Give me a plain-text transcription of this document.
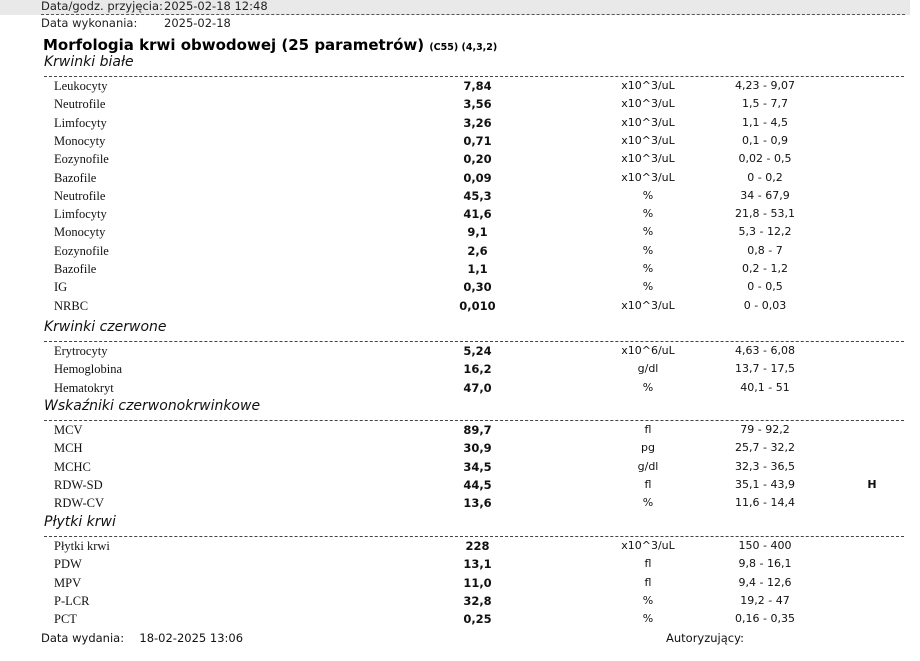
Data/godz. przyjęcia: 2025-02-18 12:48
Data wykonania: 2025-02-18
Morfologia krwi obwodowej (25 parametrów) (C55) (4,3,2)
Krwinki białe
Leukocyty	7,84	x10^3/uL	4,23 - 9,07
Neutrofile	3,56	x10^3/uL	1,5 - 7,7
Limfocyty	3,26	x10^3/uL	1,1 - 4,5
Monocyty	0,71	x10^3/uL	0,1 - 0,9
Eozynofile	0,20	x10^3/uL	0,02 - 0,5
Bazofile	0,09	x10^3/uL	0 - 0,2
Neutrofile	45,3	%	34 - 67,9
Limfocyty	41,6	%	21,8 - 53,1
Monocyty	9,1	%	5,3 - 12,2
Eozynofile	2,6	%	0,8 - 7
Bazofile	1,1	%	0,2 - 1,2
IG	0,30	%	0 - 0,5
NRBC	0,010	x10^3/uL	0 - 0,03
Krwinki czerwone
Erytrocyty	5,24	x10^6/uL	4,63 - 6,08
Hemoglobina	16,2	g/dl	13,7 - 17,5
Hematokryt	47,0	%	40,1 - 51
Wskaźniki czerwonokrwinkowe
MCV	89,7	fl	79 - 92,2
MCH	30,9	pg	25,7 - 32,2
MCHC	34,5	g/dl	32,3 - 36,5
RDW-SD	44,5	fl	35,1 - 43,9	H
RDW-CV	13,6	%	11,6 - 14,4
Płytki krwi
Płytki krwi	228	x10^3/uL	150 - 400
PDW	13,1	fl	9,8 - 16,1
MPV	11,0	fl	9,4 - 12,6
P-LCR	32,8	%	19,2 - 47
PCT	0,25	%	0,16 - 0,35
Data wydania: 18-02-2025 13:06	Autoryzujący:
